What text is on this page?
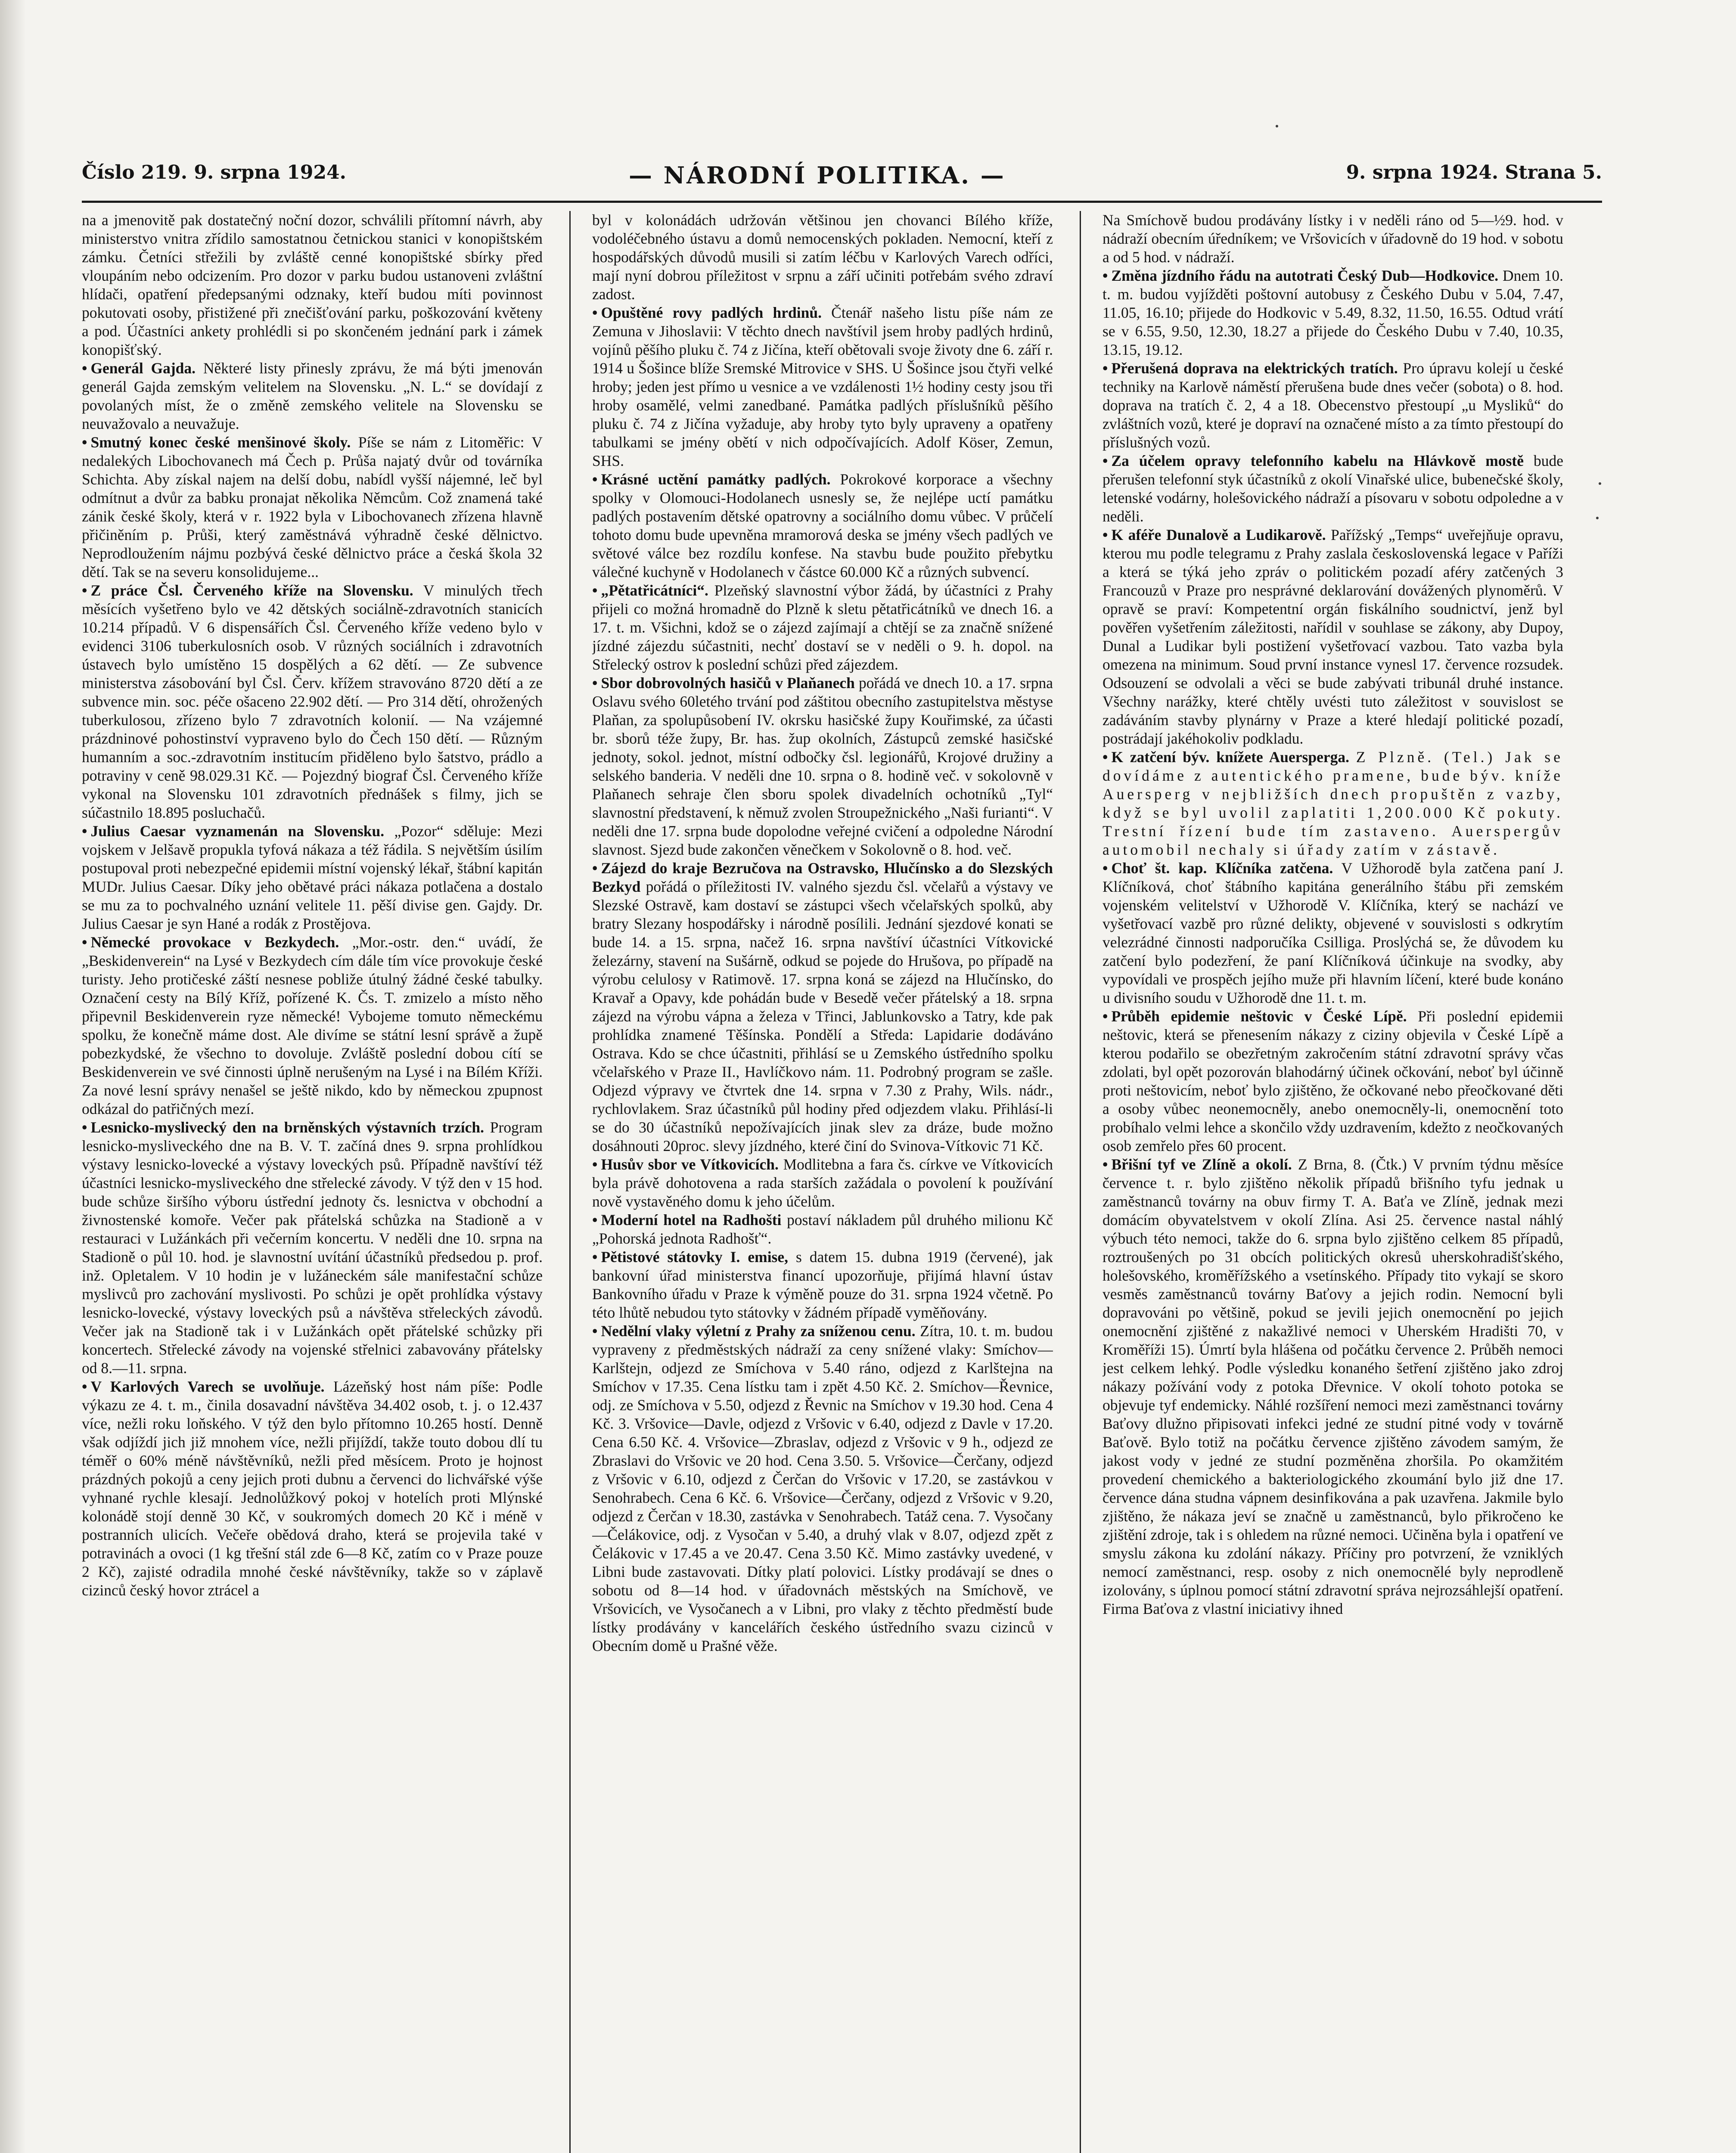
Číslo 219. 9. srpna 1924.	— NÁRODNÍ POLITIKA. —	9. srpna 1924. Strana 5.

na a jmenovitě pak dostatečný noční dozor, schválili přítomní návrh, aby ministerstvo vnitra zřídilo samostatnou četnickou stanici v konopištském zámku. Četníci střežili by zvláště cenné konopištské sbírky před vloupáním nebo odcizením. Pro dozor v parku budou ustanoveni zvláštní hlídači, opatření předepsanými odznaky, kteří budou míti povinnost pokutovati osoby, přistižené při znečišťování parku, poškozování květeny a pod. Účastníci ankety prohlédli si po skončeném jednání park i zámek konopišťský.

• Generál Gajda. Některé listy přinesly zprávu, že má býti jmenován generál Gajda zemským velitelem na Slovensku. „N. L.“ se dovídají z povolaných míst, že o změně zemského velitele na Slovensku se neuvažovalo a neuvažuje.

• Smutný konec české menšinové školy. Píše se nám z Litoměřic: V nedalekých Libochovanech má Čech p. Průša najatý dvůr od továrníka Schichta. Aby získal najem na delší dobu, nabídl vyšší nájemné, leč byl odmítnut a dvůr za babku pronajat několika Němcům. Což znamená také zánik české školy, která v r. 1922 byla v Libochovanech zřízena hlavně přičiněním p. Průši, který zaměstnává výhradně české dělnictvo. Neprodloužením nájmu pozbývá české dělnictvo práce a česká škola 32 dětí. Tak se na severu konsolidujeme...

• Z práce Čsl. Červeného kříže na Slovensku. V minulých třech měsících vyšetřeno bylo ve 42 dětských sociálně-zdravotních stanicích 10.214 případů. V 6 dispensářích Čsl. Červeného kříže vedeno bylo v evidenci 3106 tuberkulosních osob. V různých sociálních i zdravotních ústavech bylo umístěno 15 dospělých a 62 dětí. — Ze subvence ministerstva zásobování byl Čsl. Červ. křížem stravováno 8720 dětí a ze subvence min. soc. péče ošaceno 22.902 dětí. — Pro 314 dětí, ohrožených tuberkulosou, zřízeno bylo 7 zdravotních kolonií. — Na vzájemné prázdninové pohostinství vypraveno bylo do Čech 150 dětí. — Různým humanním a soc.-zdravotním institucím přiděleno bylo šatstvo, prádlo a potraviny v ceně 98.029.31 Kč. — Pojezdný biograf Čsl. Červeného kříže vykonal na Slovensku 101 zdravotních přednášek s filmy, jich se súčastnilo 18.895 posluchačů.

• Julius Caesar vyznamenán na Slovensku. „Pozor“ sděluje: Mezi vojskem v Jelšavě propukla tyfová nákaza a též řádila. S největším úsilím postupoval proti nebezpečné epidemii místní vojenský lékař, štábní kapitán MUDr. Julius Caesar. Díky jeho obětavé práci nákaza potlačena a dostalo se mu za to pochvalného uznání velitele 11. pěší divise gen. Gajdy. Dr. Julius Caesar je syn Hané a rodák z Prostějova.

• Německé provokace v Bezkydech. „Mor.-ostr. den.“ uvádí, že „Beskidenverein“ na Lysé v Bezkydech cím dále tím více provokuje české turisty. Jeho protičeské záští nesnese pobliže útulný žádné české tabulky. Označení cesty na Bílý Kříž, pořízené K. Čs. T. zmizelo a místo něho připevnil Beskidenverein ryze německé! Vybojeme tomuto německému spolku, že konečně máme dost. Ale divíme se státní lesní správě a župě pobezkydské, že všechno to dovoluje. Zvláště poslední dobou cítí se Beskidenverein ve své činnosti úplně nerušeným na Lysé i na Bílém Kříži. Za nové lesní správy nenašel se ještě nikdo, kdo by německou zpupnost odkázal do patřičných mezí.

• Lesnicko-myslivecký den na brněnských výstavních trzích. Program lesnicko-mysliveckého dne na B. V. T. začíná dnes 9. srpna prohlídkou výstavy lesnicko-lovecké a výstavy loveckých psů. Případně navštíví též účastníci lesnicko-mysliveckého dne střelecké závody. V týž den v 15 hod. bude schůze širšího výboru ústřední jednoty čs. lesnictva v obchodní a živnostenské komoře. Večer pak přátelská schůzka na Stadioně a v restauraci v Lužánkách při večerním koncertu. V neděli dne 10. srpna na Stadioně o půl 10. hod. je slavnostní uvítání účastníků předsedou p. prof. inž. Opletalem. V 10 hodin je v lužáneckém sále manifestační schůze myslivců pro zachování myslivosti. Po schůzi je opět prohlídka výstavy lesnicko-lovecké, výstavy loveckých psů a návštěva střeleckých závodů. Večer jak na Stadioně tak i v Lužánkách opět přátelské schůzky při koncertech. Střelecké závody na vojenské střelnici zabavovány přátelsky od 8.—11. srpna.

• V Karlových Varech se uvolňuje. Lázeňský host nám píše: Podle výkazu ze 4. t. m., činila dosavadní návštěva 34.402 osob, t. j. o 12.437 více, nežli roku loňského. V týž den bylo přítomno 10.265 hostí. Denně však odjíždí jich již mnohem více, nežli přijíždí, takže touto dobou dlí tu téměř o 60% méně návštěvníků, nežli před měsícem. Proto je hojnost prázdných pokojů a ceny jejich proti dubnu a červenci do lichvářské výše vyhnané rychle klesají. Jednolůžkový pokoj v hotelích proti Mlýnské kolonádě stojí denně 30 Kč, v soukromých domech 20 Kč i méně v postranních ulicích. Večeře obědová draho, která se projevila také v potravinách a ovoci (1 kg třešní stál zde 6—8 Kč, zatím co v Praze pouze 2 Kč), zajisté odradila mnohé české návštěvníky, takže so v záplavě cizinců český hovor ztrácel a

byl v kolonádách udržován většinou jen chovanci Bílého kříže, vodoléčebného ústavu a domů nemocenských pokladen. Nemocní, kteří z hospodářských důvodů musili si zatím léčbu v Karlových Varech odříci, mají nyní dobrou příležitost v srpnu a září učiniti potřebám svého zdraví zadost.

• Opuštěné rovy padlých hrdinů. Čtenář našeho listu píše nám ze Zemuna v Jihoslavii: V těchto dnech navštívil jsem hroby padlých hrdinů, vojínů pěšího pluku č. 74 z Jičína, kteří obětovali svoje životy dne 6. září r. 1914 u Šošince blíže Sremské Mitrovice v SHS. U Šošince jsou čtyři velké hroby; jeden jest přímo u vesnice a ve vzdálenosti 1½ hodiny cesty jsou tři hroby osamělé, velmi zanedbané. Památka padlých příslušníků pěšího pluku č. 74 z Jičína vyžaduje, aby hroby tyto byly upraveny a opatřeny tabulkami se jmény obětí v nich odpočívajících. Adolf Köser, Zemun, SHS.

• Krásné uctění památky padlých. Pokrokové korporace a všechny spolky v Olomouci-Hodolanech usnesly se, že nejlépe uctí památku padlých postavením dětské opatrovny a sociálního domu vůbec. V průčelí tohoto domu bude upevněna mramorová deska se jmény všech padlých ve světové válce bez rozdílu konfese. Na stavbu bude použito přebytku válečné kuchyně v Hodolanech v částce 60.000 Kč a různých subvencí.

• „Pětatřicátníci“. Plzeňský slavnostní výbor žádá, by účastníci z Prahy přijeli co možná hromadně do Plzně k sletu pětatřicátníků ve dnech 16. a 17. t. m. Všichni, kdož se o zájezd zajímají a chtějí se za značně snížené jízdné zájezdu súčastniti, nechť dostaví se v neděli o 9. h. dopol. na Střelecký ostrov k poslední schůzi před zájezdem.

• Sbor dobrovolných hasičů v Plaňanech pořádá ve dnech 10. a 17. srpna Oslavu svého 60letého trvání pod záštitou obecního zastupitelstva městyse Plaňan, za spolupůsobení IV. okrsku hasičské župy Kouřimské, za účasti br. sborů téže župy, Br. has. žup okolních, Zástupců zemské hasičské jednoty, sokol. jednot, místní odbočky čsl. legionářů, Krojové družiny a selského banderia. V neděli dne 10. srpna o 8. hodině več. v sokolovně v Plaňanech sehraje člen sboru spolek divadelních ochotníků „Tyl“ slavnostní představení, k němuž zvolen Stroupežnického „Naši furianti“. V neděli dne 17. srpna bude dopolodne veřejné cvičení a odpoledne Národní slavnost. Sjezd bude zakončen věnečkem v Sokolovně o 8. hod. več.

• Zájezd do kraje Bezručova na Ostravsko, Hlučínsko a do Slezských Bezkyd pořádá o příležitosti IV. valného sjezdu čsl. včelařů a výstavy ve Slezské Ostravě, kam dostaví se zástupci všech včelařských spolků, aby bratry Slezany hospodářsky i národně posílili. Jednání sjezdové konati se bude 14. a 15. srpna, načež 16. srpna navštíví účastníci Vítkovické železárny, stavení na Sušárně, odkud se pojede do Hrušova, po případě na výrobu celulosy v Ratimově. 17. srpna koná se zájezd na Hlučínsko, do Kravař a Opavy, kde pohádán bude v Besedě večer přátelský a 18. srpna zájezd na výrobu vápna a železa v Třinci, Jablunkovsko a Tatry, kde pak prohlídka znamené Těšínska. Pondělí a Středa: Lapidarie dodáváno Ostrava. Kdo se chce účastniti, přihlásí se u Zemského ústředního spolku včelařského v Praze II., Havlíčkovo nám. 11. Podrobný program se zašle. Odjezd výpravy ve čtvrtek dne 14. srpna v 7.30 z Prahy, Wils. nádr., rychlovlakem. Sraz účastníků půl hodiny před odjezdem vlaku. Přihlásí-li se do 30 účastníků nepožívajících jinak slev za dráze, bude možno dosáhnouti 20proc. slevy jízdného, které činí do Svinova-Vítkovic 71 Kč.

• Husův sbor ve Vítkovicích. Modlitebna a fara čs. církve ve Vítkovicích byla právě dohotovena a rada starších zažádala o povolení k používání nově vystavěného domu k jeho účelům.

• Moderní hotel na Radhošti postaví nákladem půl druhého milionu Kč „Pohorská jednota Radhošť“.

• Pětistové státovky I. emise, s datem 15. dubna 1919 (červené), jak bankovní úřad ministerstva financí upozorňuje, přijímá hlavní ústav Bankovního úřadu v Praze k výměně pouze do 31. srpna 1924 včetně. Po této lhůtě nebudou tyto státovky v žádném případě vyměňovány.

• Nedělní vlaky výletní z Prahy za sníženou cenu. Zítra, 10. t. m. budou vypraveny z předměstských nádraží za ceny snížené vlaky: Smíchov—Karlštejn, odjezd ze Smíchova v 5.40 ráno, odjezd z Karlštejna na Smíchov v 17.35. Cena lístku tam i zpět 4.50 Kč. 2. Smíchov—Řevnice, odj. ze Smíchova v 5.50, odjezd z Řevnic na Smíchov v 19.30 hod. Cena 4 Kč. 3. Vršovice—Davle, odjezd z Vršovic v 6.40, odjezd z Davle v 17.20. Cena 6.50 Kč. 4. Vršovice—Zbraslav, odjezd z Vršovic v 9 h., odjezd ze Zbraslavi do Vršovic ve 20 hod. Cena 3.50. 5. Vršovice—Čerčany, odjezd z Vršovic v 6.10, odjezd z Čerčan do Vršovic v 17.20, se zastávkou v Senohrabech. Cena 6 Kč. 6. Vršovice—Čerčany, odjezd z Vršovic v 9.20, odjezd z Čerčan v 18.30, zastávka v Senohrabech. Tatáž cena. 7. Vysočany—Čelákovice, odj. z Vysočan v 5.40, a druhý vlak v 8.07, odjezd zpět z Čelákovic v 17.45 a ve 20.47. Cena 3.50 Kč. Mimo zastávky uvedené, v Libni bude zastavovati. Dítky platí polovici. Lístky prodávají se dnes o sobotu od 8—14 hod. v úřadovnách městských na Smíchově, ve Vršovicích, ve Vysočanech a v Libni, pro vlaky z těchto předměstí bude lístky prodávány v kancelářích českého ústředního svazu cizinců v Obecním domě u Prašné věže.

Na Smíchově budou prodávány lístky i v neděli ráno od 5—½9. hod. v nádraží obecním úředníkem; ve Vršovicích v úřadovně do 19 hod. v sobotu a od 5 hod. v nádraží.

• Změna jízdního řádu na autotrati Český Dub—Hodkovice. Dnem 10. t. m. budou vyjížděti poštovní autobusy z Českého Dubu v 5.04, 7.47, 11.05, 16.10; přijede do Hodkovic v 5.49, 8.32, 11.50, 16.55. Odtud vrátí se v 6.55, 9.50, 12.30, 18.27 a přijede do Českého Dubu v 7.40, 10.35, 13.15, 19.12.

• Přerušená doprava na elektrických tratích. Pro úpravu kolejí u české techniky na Karlově náměstí přerušena bude dnes večer (sobota) o 8. hod. doprava na tratích č. 2, 4 a 18. Obecenstvo přestoupí „u Mysliků“ do zvláštních vozů, které je dopraví na označené místo a za tímto přestoupí do příslušných vozů.

• Za účelem opravy telefonního kabelu na Hlávkově mostě bude přerušen telefonní styk účastníků z okolí Vinařské ulice, bubenečské školy, letenské vodárny, holešovického nádraží a písovaru v sobotu odpoledne a v neděli.

• K aféře Dunalově a Ludikarově. Pařížský „Temps“ uveřejňuje opravu, kterou mu podle telegramu z Prahy zaslala československá legace v Paříži a která se týká jeho zpráv o politickém pozadí aféry zatčených 3 Francouzů v Praze pro nesprávné deklarování dovážených plynoměrů. V opravě se praví: Kompetentní orgán fiskálního soudnictví, jenž byl pověřen vyšetřením záležitosti, nařídil v souhlase se zákony, aby Dupoy, Dunal a Ludikar byli postižení vyšetřovací vazbou. Tato vazba byla omezena na minimum. Soud první instance vynesl 17. července rozsudek. Odsouzení se odvolali a věci se bude zabývati tribunál druhé instance. Všechny narážky, které chtěly uvésti tuto záležitost v souvislost se zadáváním stavby plynárny v Praze a které hledají politické pozadí, postrádají jakéhokoliv podkladu.

• K zatčení býv. knížete Auersperga. Z Plzně. (Tel.) Jak se dovídáme z autentického pramene, bude býv. kníže Auersperg v nejbližších dnech propuštěn z vazby, když se byl uvolil zaplatiti 1,200.000 Kč pokuty. Trestní řízení bude tím zastaveno. Auerspergův automobil nechaly si úřady zatím v zástavě.

• Choť št. kap. Klíčníka zatčena. V Užhorodě byla zatčena paní J. Klíčníková, choť štábního kapitána generálního štábu při zemském vojenském velitelství v Užhorodě V. Klíčníka, který se nachází ve vyšetřovací vazbě pro různé delikty, objevené v souvislosti s odkrytím velezrádné činnosti nadporučíka Csilliga. Proslýchá se, že důvodem ku zatčení bylo podezření, že paní Klíčníková účinkuje na svodky, aby vypovídali ve prospěch jejího muže při hlavním líčení, které bude konáno u divisního soudu v Užhorodě dne 11. t. m.

• Průběh epidemie neštovic v České Lípě. Při poslední epidemii neštovic, která se přenesením nákazy z ciziny objevila v České Lípě a kterou podařilo se obezřetným zakročením státní zdravotní správy včas zdolati, byl opět pozorován blahodárný účinek očkování, neboť byl účinně proti neštovicím, neboť bylo zjištěno, že očkované nebo přeočkované děti a osoby vůbec neonemocněly, anebo onemocněly-li, onemocnění toto probíhalo velmi lehce a skončilo vždy uzdravením, kdežto z neočkovaných osob zemřelo přes 60 procent.

• Břišní tyf ve Zlíně a okolí. Z Brna, 8. (Čtk.) V prvním týdnu měsíce července t. r. bylo zjištěno několik případů břišního tyfu jednak u zaměstnanců továrny na obuv firmy T. A. Baťa ve Zlíně, jednak mezi domácím obyvatelstvem v okolí Zlína. Asi 25. července nastal náhlý výbuch této nemoci, takže do 6. srpna bylo zjištěno celkem 85 případů, roztroušených po 31 obcích politických okresů uherskohradišťského, holešovského, kroměřížského a vsetínského. Případy tito vykají se skoro vesměs zaměstnanců továrny Baťovy a jejich rodin. Nemocní byli dopravováni po většině, pokud se jevili jejich onemocnění po jejich onemocnění zjištěné z nakažlivé nemoci v Uherském Hradišti 70, v Kroměříži 15). Úmrtí byla hlášena od počátku července 2. Průběh nemoci jest celkem lehký. Podle výsledku konaného šetření zjištěno jako zdroj nákazy požívání vody z potoka Dřevnice. V okolí tohoto potoka se objevuje tyf endemicky. Náhlé rozšíření nemoci mezi zaměstnanci továrny Baťovy dlužno připisovati infekci jedné ze studní pitné vody v továrně Baťově. Bylo totiž na počátku července zjištěno závodem samým, že jakost vody v jedné ze studní pozměněna zhoršila. Po okamžitém provedení chemického a bakteriologického zkoumání bylo již dne 17. července dána studna vápnem desinfikována a pak uzavřena. Jakmile bylo zjištěno, že nákaza jeví se značně u zaměstnanců, bylo přikročeno ke zjištění zdroje, tak i s ohledem na různé nemoci. Učiněna byla i opatření ve smyslu zákona ku zdolání nákazy. Příčiny pro potvrzení, že vzniklých nemocí zaměstnanci, resp. osoby z nich onemocnělé byly neprodleně izolovány, s úplnou pomocí státní zdravotní správa nejrozsáhlejší opatření. Firma Baťova z vlastní iniciativy ihned
